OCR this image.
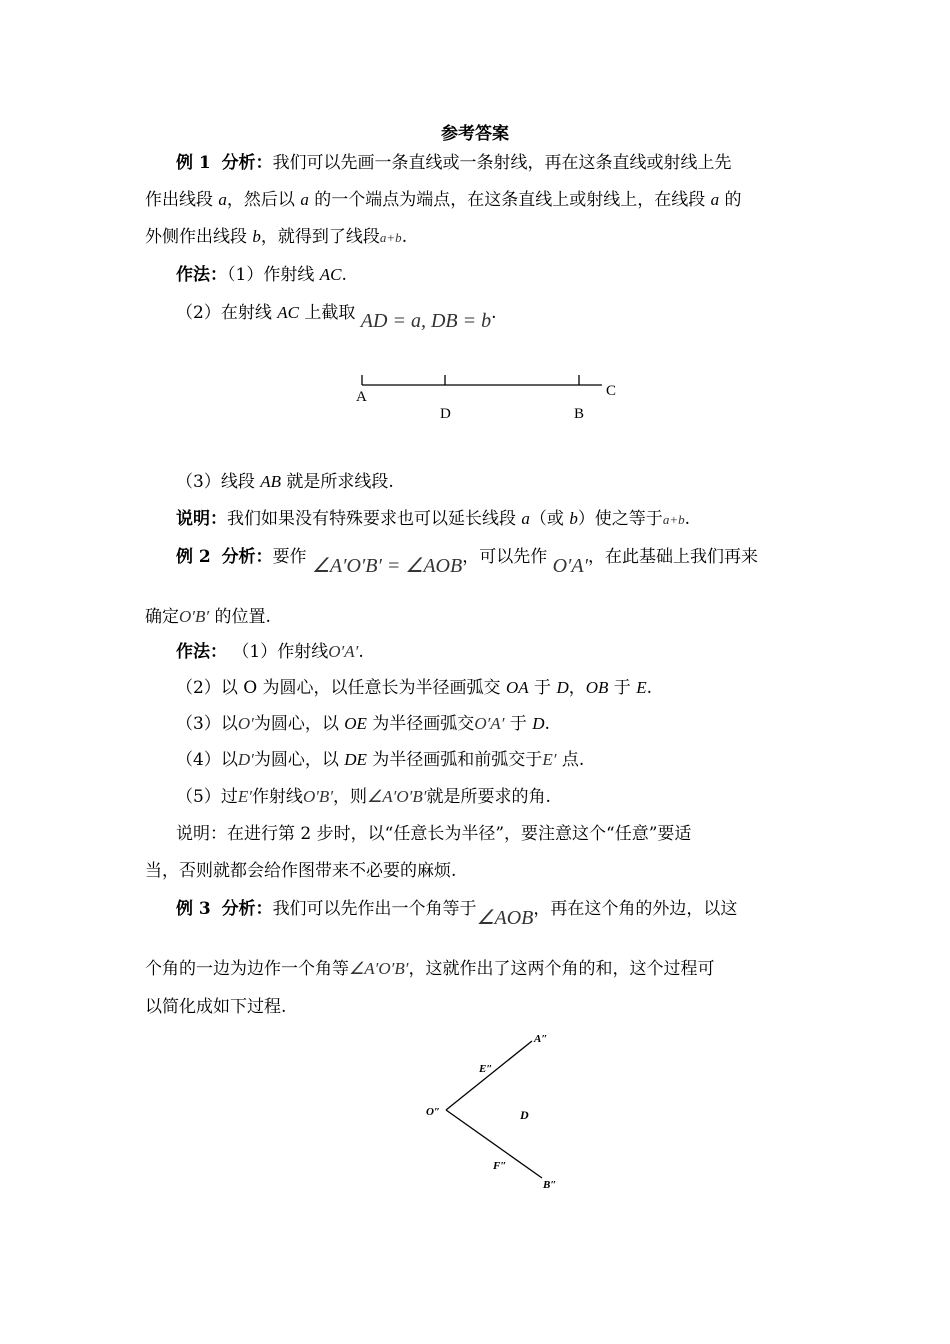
参考答案
例 1 分析：我们可以先画一条直线或一条射线，再在这条直线或射线上先
作出线段 a，然后以 a 的一个端点为端点，在这条直线上或射线上，在线段 a 的
外侧作出线段 b，就得到了线段a+b.
作法：（1）作射线 AC.
（2）在射线 AC 上截取 AD = a, DB = b.
A	C
D	B
（3）线段 AB 就是所求线段.
说明：我们如果没有特殊要求也可以延长线段 a（或 b）使之等于a+b.
例 2 分析：要作 ∠A′O′B′ = ∠AOB，可以先作 O′A′，在此基础上我们再来
确定O′B′ 的位置.
作法： （1）作射线O′A′.
（2）以 O 为圆心，以任意长为半径画弧交 OA 于 D，OB 于 E.
（3）以O′为圆心，以 OE 为半径画弧交O′A′ 于 D.
（4）以D′为圆心，以 DE 为半径画弧和前弧交于E′ 点.
（5）过E′作射线O′B′，则∠A′O′B′就是所要求的角.
说明：在进行第 2 步时，以“任意长为半径”，要注意这个“任意”要适
当，否则就都会给作图带来不必要的麻烦.
例 3 分析：我们可以先作出一个角等于∠AOB，再在这个角的外边，以这
个角的一边为边作一个角等∠A′O′B′，这就作出了这两个角的和，这个过程可
以简化成如下过程.
A″
E″
O″	D
F″
B″
